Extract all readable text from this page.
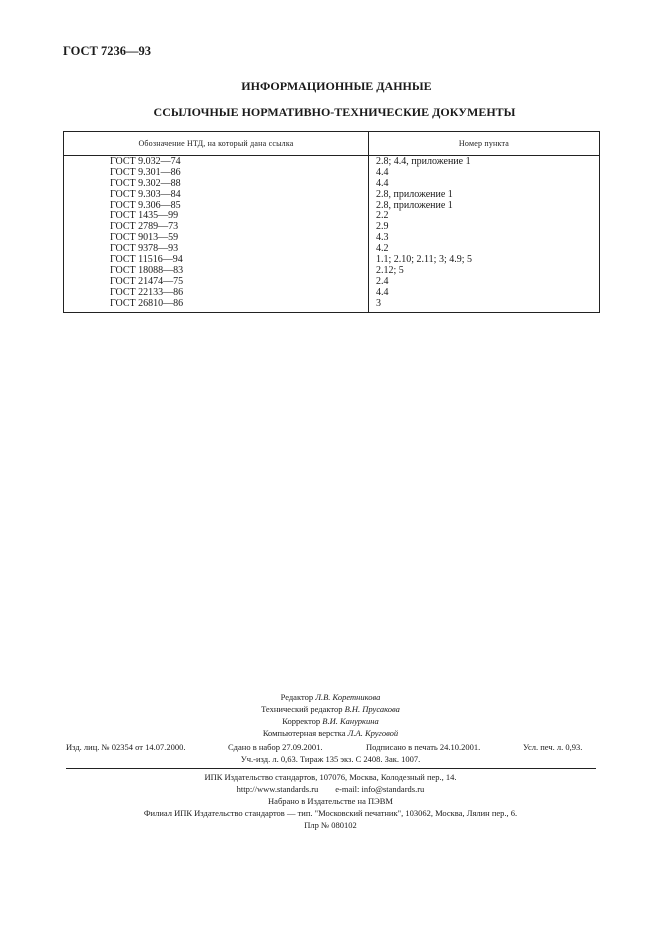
ГОСТ 7236—93
ИНФОРМАЦИОННЫЕ ДАННЫЕ
ССЫЛОЧНЫЕ НОРМАТИВНО-ТЕХНИЧЕСКИЕ ДОКУМЕНТЫ
Обозначение НТД, на который дана ссылка	Номер пункта
ГОСТ 9.032—74	2.8; 4.4, приложение 1
ГОСТ 9.301—86	4.4
ГОСТ 9.302—88	4.4
ГОСТ 9.303—84	2.8, приложение 1
ГОСТ 9.306—85	2.8, приложение 1
ГОСТ 1435—99	2.2
ГОСТ 2789—73	2.9
ГОСТ 9013—59	4.3
ГОСТ 9378—93	4.2
ГОСТ 11516—94	1.1; 2.10; 2.11; 3; 4.9; 5
ГОСТ 18088—83	2.12; 5
ГОСТ 21474—75	2.4
ГОСТ 22133—86	4.4
ГОСТ 26810—86	3
Редактор Л.В. Коретникова
Технический редактор В.Н. Прусакова
Корректор В.И. Кануркина
Компьютерная верстка Л.А. Круговой
Изд. лиц. № 02354 от 14.07.2000.	Сдано в набор 27.09.2001.	Подписано в печать 24.10.2001.	Усл. печ. л. 0,93.
Уч.-изд. л. 0,63. Тираж 135 экз. С 2408. Зак. 1007.
ИПК Издательство стандартов, 107076, Москва, Колодезный пер., 14.
http://www.standards.ru        e-mail: info@standards.ru
Набрано в Издательстве на ПЭВМ
Филиал ИПК Издательство стандартов — тип. "Московский печатник", 103062, Москва, Лялин пер., 6.
Плр № 080102
